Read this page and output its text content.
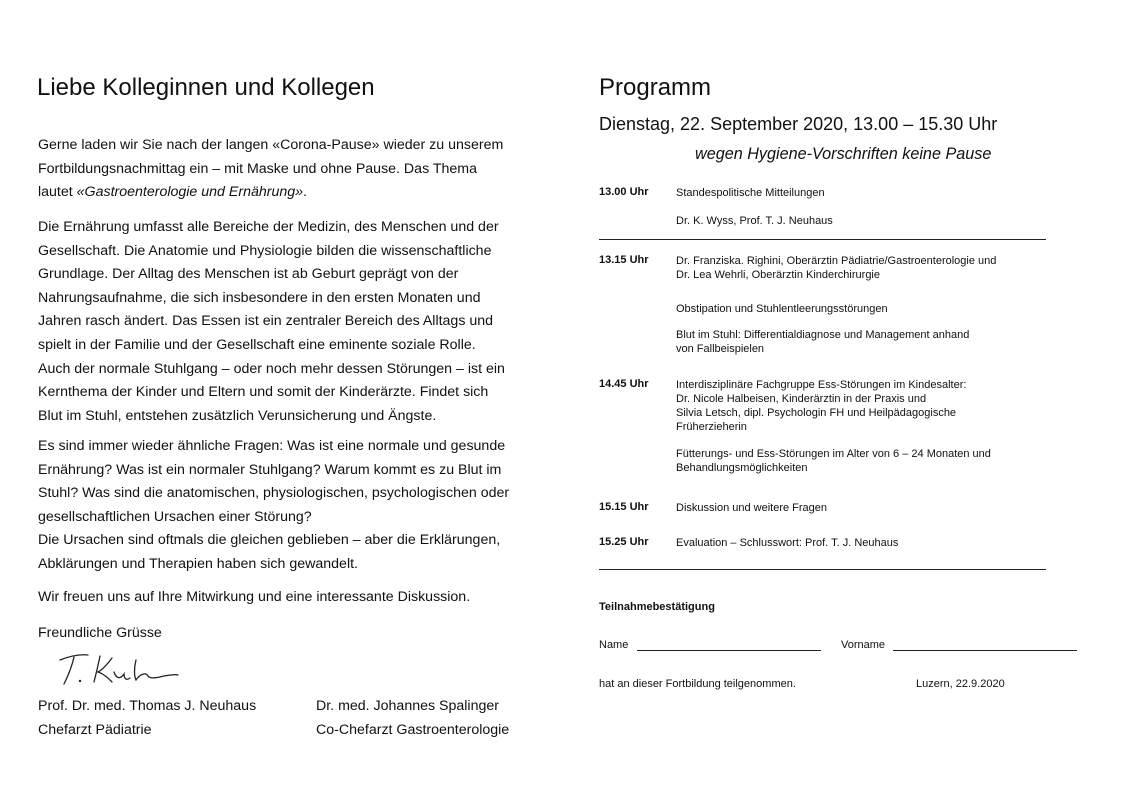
Liebe Kolleginnen und Kollegen

Gerne laden wir Sie nach der langen «Corona-Pause» wieder zu unserem
Fortbildungsnachmittag ein – mit Maske und ohne Pause. Das Thema
lautet «Gastroenterologie und Ernährung».

Die Ernährung umfasst alle Bereiche der Medizin, des Menschen und der
Gesellschaft. Die Anatomie und Physiologie bilden die wissenschaftliche
Grundlage. Der Alltag des Menschen ist ab Geburt geprägt von der
Nahrungsaufnahme, die sich insbesondere in den ersten Monaten und
Jahren rasch ändert. Das Essen ist ein zentraler Bereich des Alltags und
spielt in der Familie und der Gesellschaft eine eminente soziale Rolle.
Auch der normale Stuhlgang – oder noch mehr dessen Störungen – ist ein
Kernthema der Kinder und Eltern und somit der Kinderärzte. Findet sich
Blut im Stuhl, entstehen zusätzlich Verunsicherung und Ängste.

Es sind immer wieder ähnliche Fragen: Was ist eine normale und gesunde
Ernährung? Was ist ein normaler Stuhlgang? Warum kommt es zu Blut im
Stuhl? Was sind die anatomischen, physiologischen, psychologischen oder
gesellschaftlichen Ursachen einer Störung?
Die Ursachen sind oftmals die gleichen geblieben – aber die Erklärungen,
Abklärungen und Therapien haben sich gewandelt.

Wir freuen uns auf Ihre Mitwirkung und eine interessante Diskussion.
Freundliche Grüsse
Prof. Dr. med. Thomas J. Neuhaus
Chefarzt Pädiatrie
Dr. med. Johannes Spalinger
Co-Chefarzt Gastroenterologie
Programm
Dienstag, 22. September 2020, 13.00 – 15.30 Uhr
wegen Hygiene-Vorschriften keine Pause
13.00 Uhr Standespolitische Mitteilungen
Dr. K. Wyss, Prof. T. J. Neuhaus
13.15 Uhr Dr. Franziska. Righini, Oberärztin Pädiatrie/Gastroenterologie und
Dr. Lea Wehrli, Oberärztin Kinderchirurgie
Obstipation und Stuhlentleerungsstörungen
Blut im Stuhl: Differentialdiagnose und Management anhand
von Fallbeispielen
14.45 Uhr Interdisziplinäre Fachgruppe Ess-Störungen im Kindesalter:
Dr. Nicole Halbeisen, Kinderärztin in der Praxis und
Silvia Letsch, dipl. Psychologin FH und Heilpädagogische
Früherzieherin
Fütterungs- und Ess-Störungen im Alter von 6 – 24 Monaten und
Behandlungsmöglichkeiten
15.15 Uhr Diskussion und weitere Fragen
15.25 Uhr Evaluation – Schlusswort: Prof. T. J. Neuhaus
Teilnahmebestätigung
Name	Vorname
hat an dieser Fortbildung teilgenommen.	Luzern, 22.9.2020
